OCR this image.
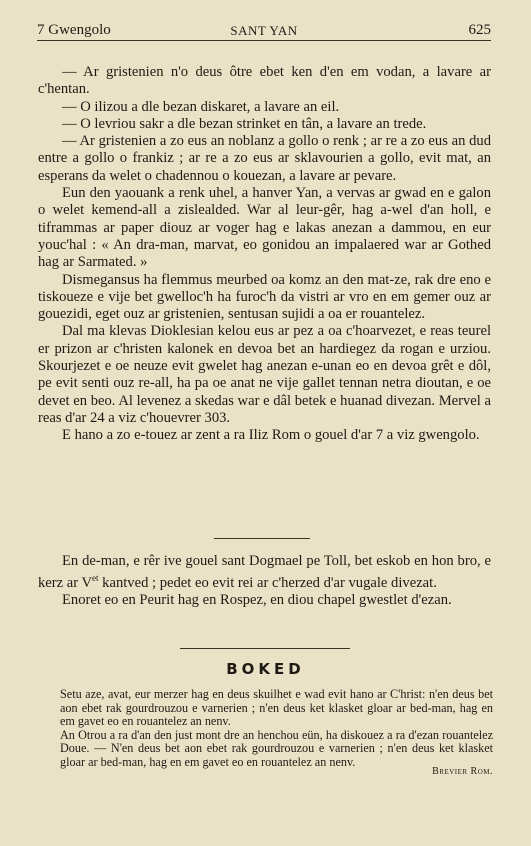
7 Gwengolo	SANT YAN	625

— Ar gristenien n'o deus ôtre ebet ken d'en em vodan, a lavare ar c'hentan.

— O ilizou a dle bezan diskaret, a lavare an eil.

— O levriou sakr a dle bezan strinket en tân, a lavare an trede.

— Ar gristenien a zo eus an noblanz a gollo o renk ; ar re a zo eus an dud entre a gollo o frankiz ; ar re a zo eus ar sklavourien a gollo, evit mat, an esperans da welet o chadennou o kouezan, a lavare ar pevare.

Eun den yaouank a renk uhel, a hanver Yan, a vervas ar gwad en e galon o welet kemend-all a zislealded. War al leur-gêr, hag a-wel d'an holl, e tiframmas ar paper diouz ar voger hag e lakas anezan a dammou, en eur youc'hal : « An dra-man, marvat, eo gonidou an impalaered war ar Gothed hag ar Sarmated. »

Dismegansus ha flemmus meurbed oa komz an den mat-ze, rak dre eno e tiskoueze e vije bet gwelloc'h ha furoc'h da vistri ar vro en em gemer ouz ar gouezidi, eget ouz ar gristenien, sentusan sujidi a oa er rouantelez.

Dal ma klevas Dioklesian kelou eus ar pez a oa c'hoarvezet, e reas teurel er prizon ar c'hristen kalonek en devoa bet an hardiegez da rogan e urziou. Skourjezet e oe neuze evit gwelet hag anezan e-unan eo en devoa grêt e dôl, pe evit senti ouz re-all, ha pa oe anat ne vije gallet tennan netra dioutan, e oe devet en beo. Al levenez a skedas war e dâl betek e huanad divezan. Mervel a reas d'ar 24 a viz c'houevrer 303.

E hano a zo e-touez ar zent a ra Iliz Rom o gouel d'ar 7 a viz gwengolo.

En de-man, e rêr ive gouel sant Dogmael pe Toll, bet eskob en hon bro, e kerz ar $V^{et}$ kantved ; pedet eo evit rei ar c'herzed d'ar vugale divezat.

Enoret eo en Peurit hag en Rospez, en diou chapel gwestlet d'ezan.

BOKED

Setu aze, avat, eur merzer hag en deus skuilhet e wad evit hano ar C'hrist: n'en deus bet aon ebet rak gourdrouzou e varnerien ; n'en deus ket klasket gloar ar bed-man, hag en em gavet eo en rouantelez an nenv.

An Otrou a ra d'an den just mont dre an henchou eün, ha diskouez a ra d'ezan rouantelez Doue. — N'en deus bet aon ebet rak gourdrouzou e varnerien ; n'en deus ket klasket gloar ar bed-man, hag en em gavet eo en rouantelez an nenv.

Brevier Rom.
